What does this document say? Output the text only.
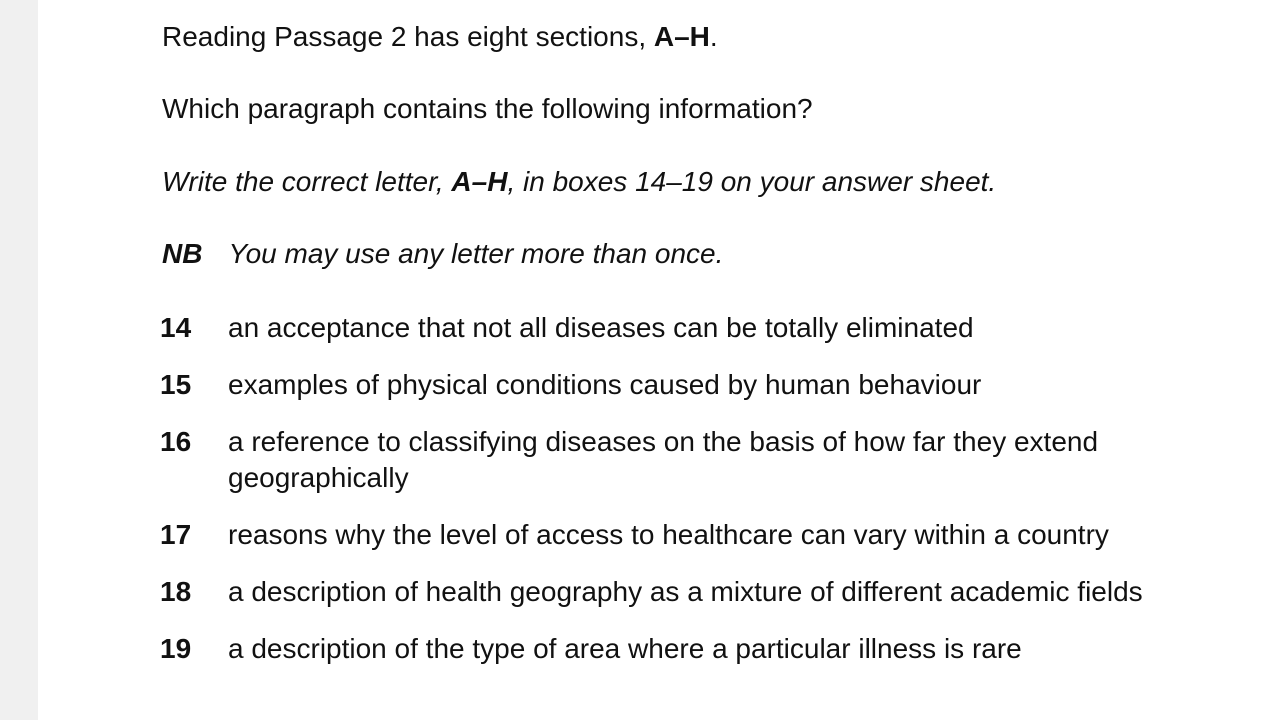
Reading Passage 2 has eight sections, A–H.
Which paragraph contains the following information?
Write the correct letter, A–H, in boxes 14–19 on your answer sheet.
NB You may use any letter more than once.
14	an acceptance that not all diseases can be totally eliminated
15	examples of physical conditions caused by human behaviour
16	a reference to classifying diseases on the basis of how far they extend geographically
17	reasons why the level of access to healthcare can vary within a country
18	a description of health geography as a mixture of different academic fields
19	a description of the type of area where a particular illness is rare
